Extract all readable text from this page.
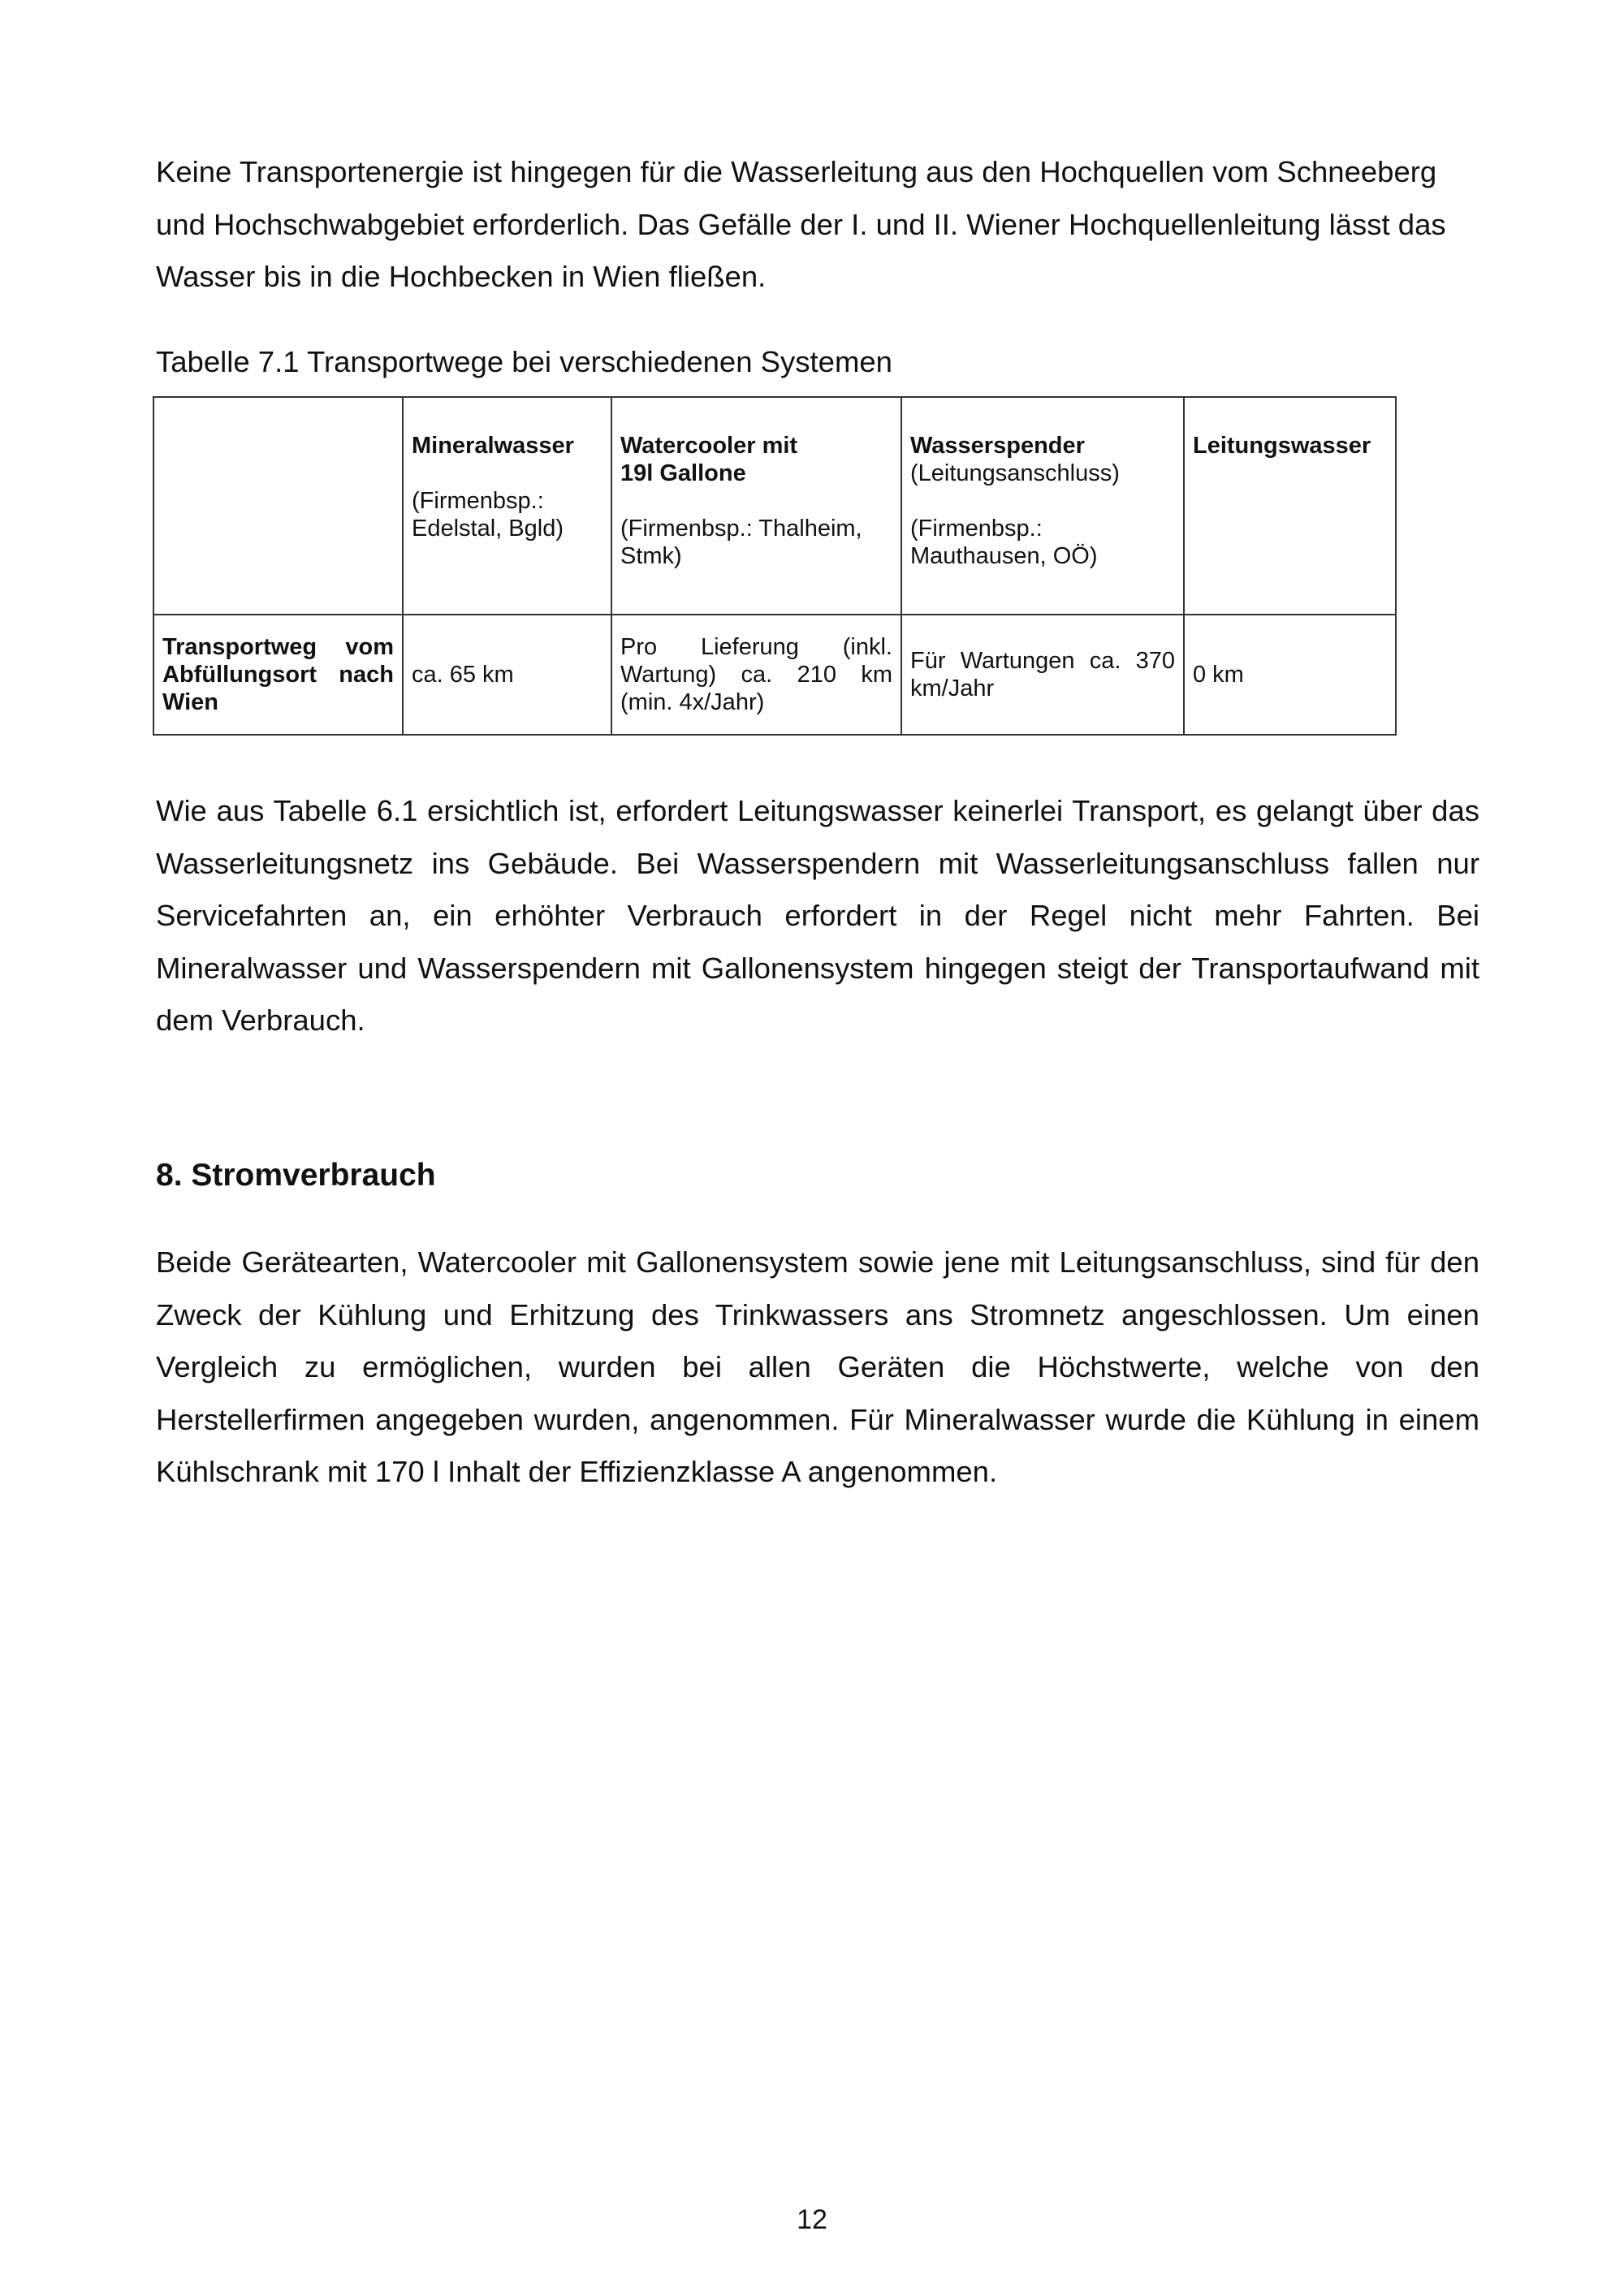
Keine Transportenergie ist hingegen für die Wasserleitung aus den Hochquellen vom Schneeberg und Hochschwabgebiet erforderlich. Das Gefälle der I. und II. Wiener Hochquellenleitung lässt das Wasser bis in die Hochbecken in Wien fließen.

Tabelle 7.1 Transportwege bei verschiedenen Systemen

	Mineralwasser
(Firmenbsp.:
Edelstal, Bgld)	Watercooler mit
19l Gallone
(Firmenbsp.: Thalheim,
Stmk)	Wasserspender
(Leitungsanschluss)
(Firmenbsp.:
Mauthausen, OÖ)	Leitungswasser

Transportweg vom Abfüllungsort nach Wien	ca. 65 km	Pro Lieferung (inkl. Wartung) ca. 210 km (min. 4x/Jahr)	Für Wartungen ca. 370 km/Jahr	0 km

Wie aus Tabelle 6.1 ersichtlich ist, erfordert Leitungswasser keinerlei Transport, es gelangt über das Wasserleitungsnetz ins Gebäude. Bei Wasserspendern mit Wasserleitungsanschluss fallen nur Servicefahrten an, ein erhöhter Verbrauch erfordert in der Regel nicht mehr Fahrten. Bei Mineralwasser und Wasserspendern mit Gallonensystem hingegen steigt der Transportaufwand mit dem Verbrauch.

8. Stromverbrauch

Beide Gerätearten, Watercooler mit Gallonensystem sowie jene mit Leitungsanschluss, sind für den Zweck der Kühlung und Erhitzung des Trinkwassers ans Stromnetz angeschlossen. Um einen Vergleich zu ermöglichen, wurden bei allen Geräten die Höchstwerte, welche von den Herstellerfirmen angegeben wurden, angenommen. Für Mineralwasser wurde die Kühlung in einem Kühlschrank mit 170 l Inhalt der Effizienzklasse A angenommen.

12
